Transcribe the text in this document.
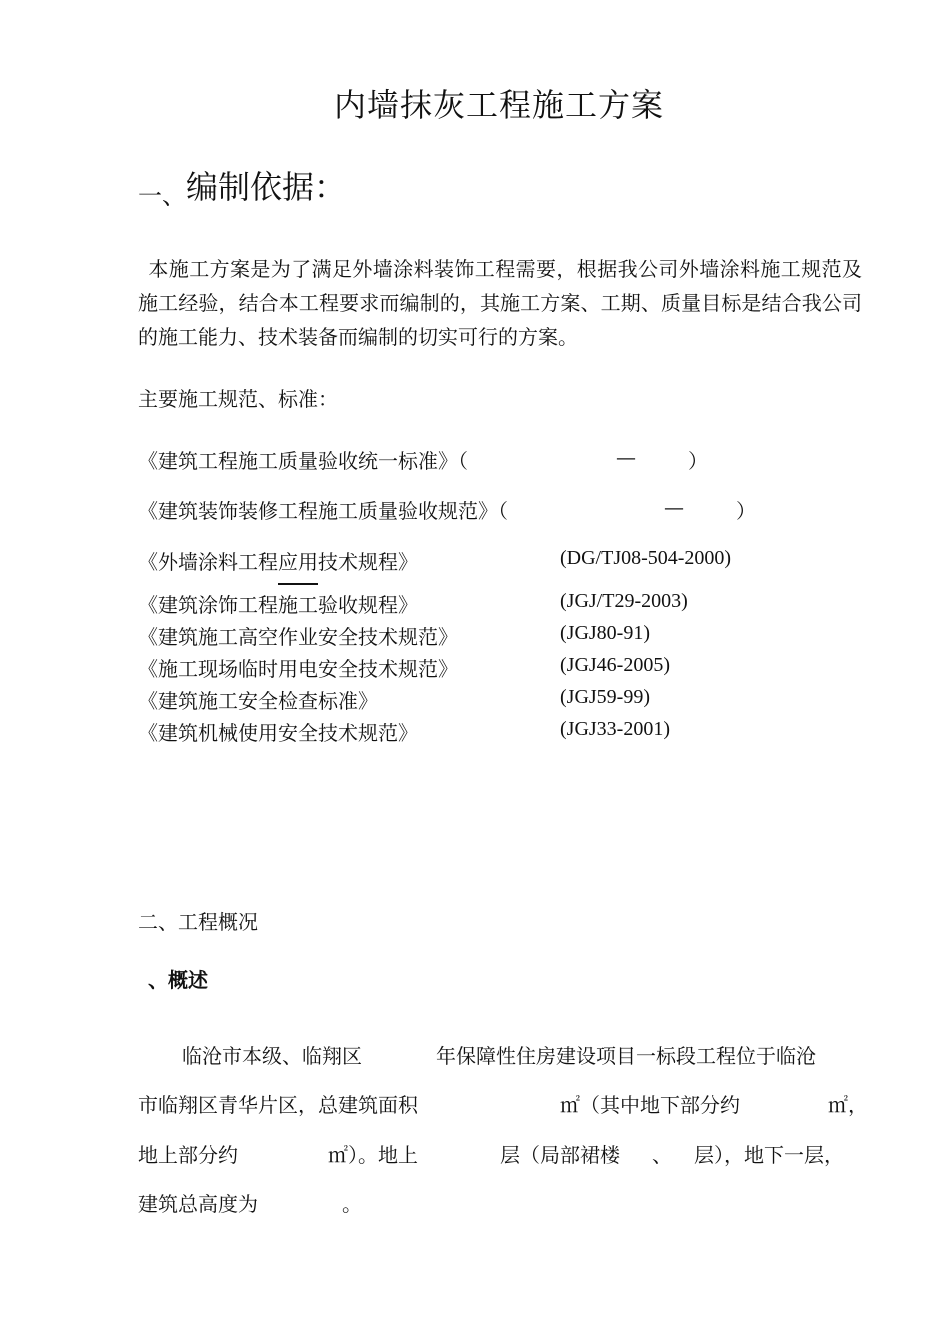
内墙抹灰工程施工方案
一、 编制依据：
本施工方案是为了满足外墙涂料装饰工程需要，根据我公司外墙涂料施工规范及施工经验，结合本工程要求而编制的，其施工方案、工期、质量目标是结合我公司的施工能力、技术装备而编制的切实可行的方案。
主要施工规范、标准：
《建筑工程施工质量验收统一标准》（	—	）
《建筑装饰装修工程施工质量验收规范》（	—	）
《外墙涂料工程应用技术规程》	(DG/TJ08-504-2000)
《建筑涂饰工程施工验收规程》	(JGJ/T29-2003)
《建筑施工高空作业安全技术规范》	(JGJ80-91)
《施工现场临时用电安全技术规范》	(JGJ46-2005)
《建筑施工安全检查标准》	(JGJ59-99)
《建筑机械使用安全技术规范》	(JGJ33-2001)
二、工程概况
、概述
临沧市本级、临翔区	年保障性住房建设项目一标段工程位于临沧
市临翔区青华片区，总建筑面积	㎡（其中地下部分约	㎡，
地上部分约	㎡）。地上	层（局部裙楼 、 层），地下一层，
建筑总高度为	。
